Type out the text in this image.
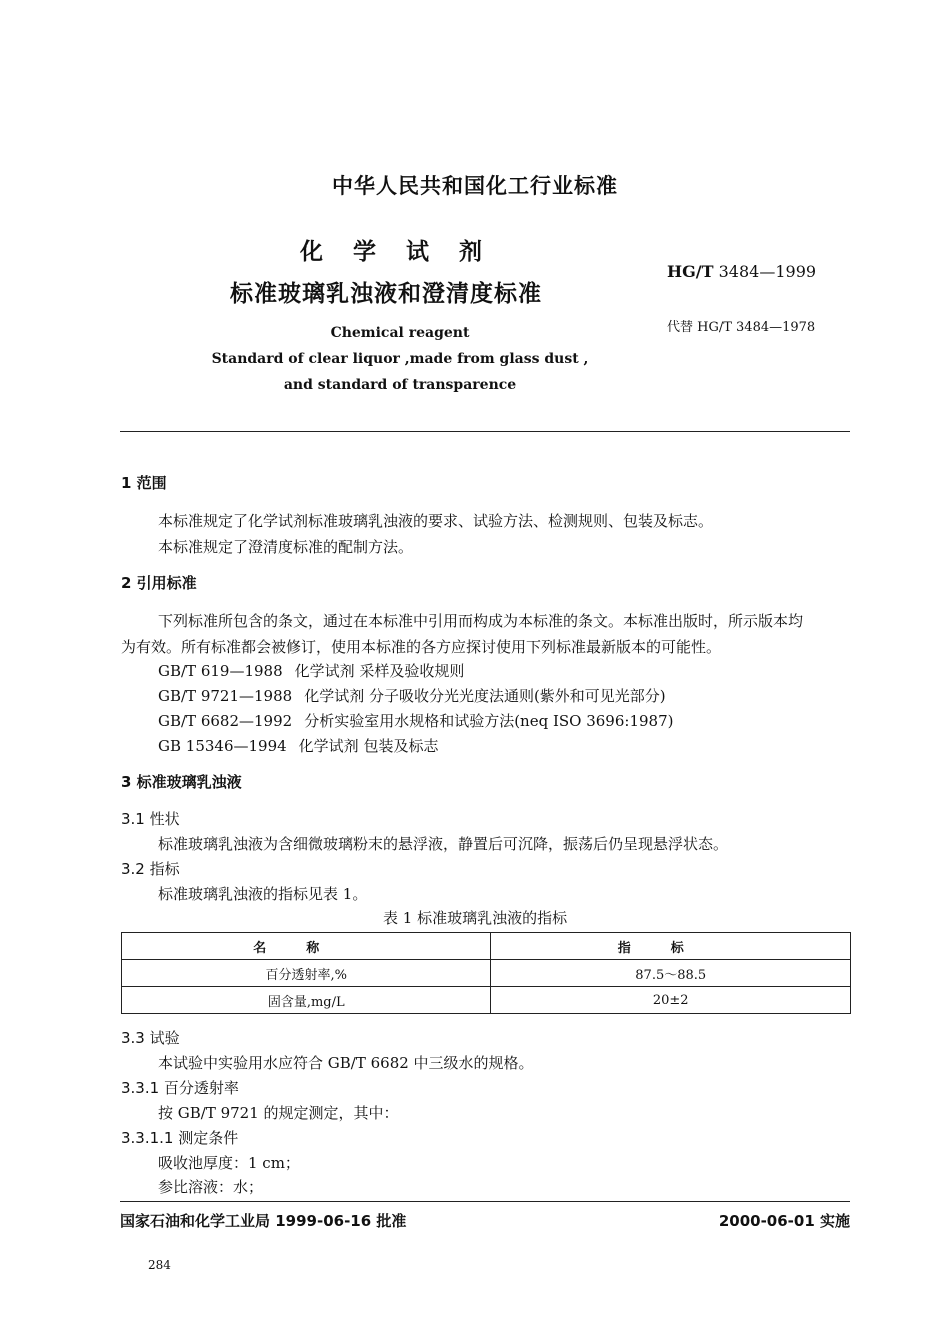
中华人民共和国化工行业标准
化学试剂
标准玻璃乳浊液和澄清度标准
HG/T 3484—1999
代替 HG/T 3484—1978
Chemical reagent
Standard of clear liquor ,made from glass dust ,
and standard of transparence
1 范围
本标准规定了化学试剂标准玻璃乳浊液的要求、试验方法、检测规则、包装及标志。
本标准规定了澄清度标准的配制方法。
2 引用标准
下列标准所包含的条文，通过在本标准中引用而构成为本标准的条文。本标准出版时，所示版本均
为有效。所有标准都会被修订，使用本标准的各方应探讨使用下列标准最新版本的可能性。
GB/T 619—1988 化学试剂 采样及验收规则
GB/T 9721—1988 化学试剂 分子吸收分光光度法通则(紫外和可见光部分)
GB/T 6682—1992 分析实验室用水规格和试验方法(neq ISO 3696:1987)
GB 15346—1994 化学试剂 包装及标志
3 标准玻璃乳浊液
3.1 性状
标准玻璃乳浊液为含细微玻璃粉末的悬浮液，静置后可沉降，振荡后仍呈现悬浮状态。
3.2 指标
标准玻璃乳浊液的指标见表 1。
表 1 标准玻璃乳浊液的指标
名称	指标
百分透射率,%	87.5～88.5
固含量,mg/L	20±2
3.3 试验
本试验中实验用水应符合 GB/T 6682 中三级水的规格。
3.3.1 百分透射率
按 GB/T 9721 的规定测定，其中：
3.3.1.1 测定条件
吸收池厚度：1 cm；
参比溶液：水；
国家石油和化学工业局 1999-06-16 批准	2000-06-01 实施
284
